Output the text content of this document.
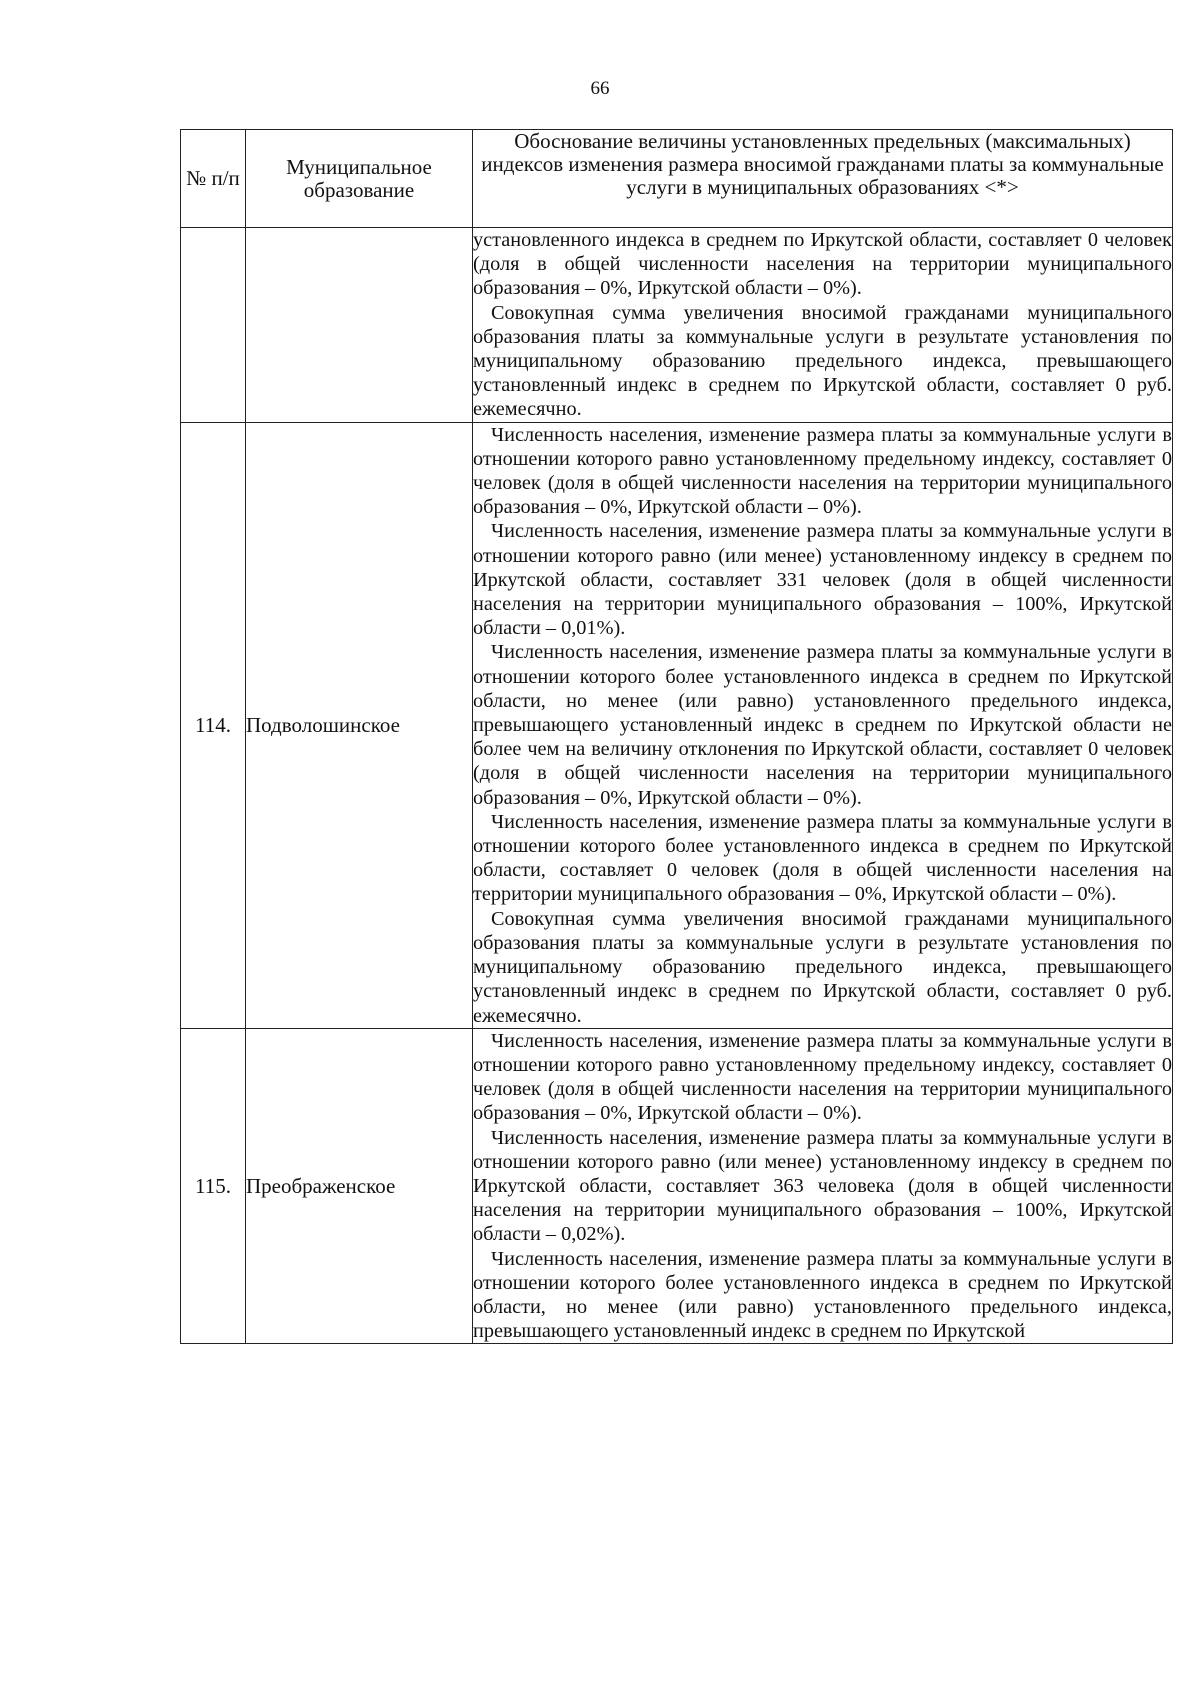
66
№ п/п	Муниципальное образование	Обоснование величины установленных предельных (максимальных) индексов изменения размера вносимой гражданами платы за коммунальные услуги в муниципальных образованиях <*>

		установленного индекса в среднем по Иркутской области, составляет 0 человек (доля в общей численности населения на территории муниципального образования – 0%, Иркутской области – 0%).

Совокупная сумма увеличения вносимой гражданами муниципального образования платы за коммунальные услуги в результате установления по муниципальному образованию предельного индекса, превышающего установленный индекс в среднем по Иркутской области, составляет 0 руб. ежемесячно.

114.	Подволошинское	Численность населения, изменение размера платы за коммунальные услуги в отношении которого равно установленному предельному индексу, составляет 0 человек (доля в общей численности населения на территории муниципального образования – 0%, Иркутской области – 0%).

Численность населения, изменение размера платы за коммунальные услуги в отношении которого равно (или менее) установленному индексу в среднем по Иркутской области, составляет 331 человек (доля в общей численности населения на территории муниципального образования – 100%, Иркутской области – 0,01%).

Численность населения, изменение размера платы за коммунальные услуги в отношении которого более установленного индекса в среднем по Иркутской области, но менее (или равно) установленного предельного индекса, превышающего установленный индекс в среднем по Иркутской области не более чем на величину отклонения по Иркутской области, составляет 0 человек (доля в общей численности населения на территории муниципального образования – 0%, Иркутской области – 0%).

Численность населения, изменение размера платы за коммунальные услуги в отношении которого более установленного индекса в среднем по Иркутской области, составляет 0 человек (доля в общей численности населения на территории муниципального образования – 0%, Иркутской области – 0%).

Совокупная сумма увеличения вносимой гражданами муниципального образования платы за коммунальные услуги в результате установления по муниципальному образованию предельного индекса, превышающего установленный индекс в среднем по Иркутской области, составляет 0 руб. ежемесячно.

115.	Преображенское	Численность населения, изменение размера платы за коммунальные услуги в отношении которого равно установленному предельному индексу, составляет 0 человек (доля в общей численности населения на территории муниципального образования – 0%, Иркутской области – 0%).

Численность населения, изменение размера платы за коммунальные услуги в отношении которого равно (или менее) установленному индексу в среднем по Иркутской области, составляет 363 человека (доля в общей численности населения на территории муниципального образования – 100%, Иркутской области – 0,02%).

Численность населения, изменение размера платы за коммунальные услуги в отношении которого более установленного индекса в среднем по Иркутской области, но менее (или равно) установленного предельного индекса, превышающего установленный индекс в среднем по Иркутской
